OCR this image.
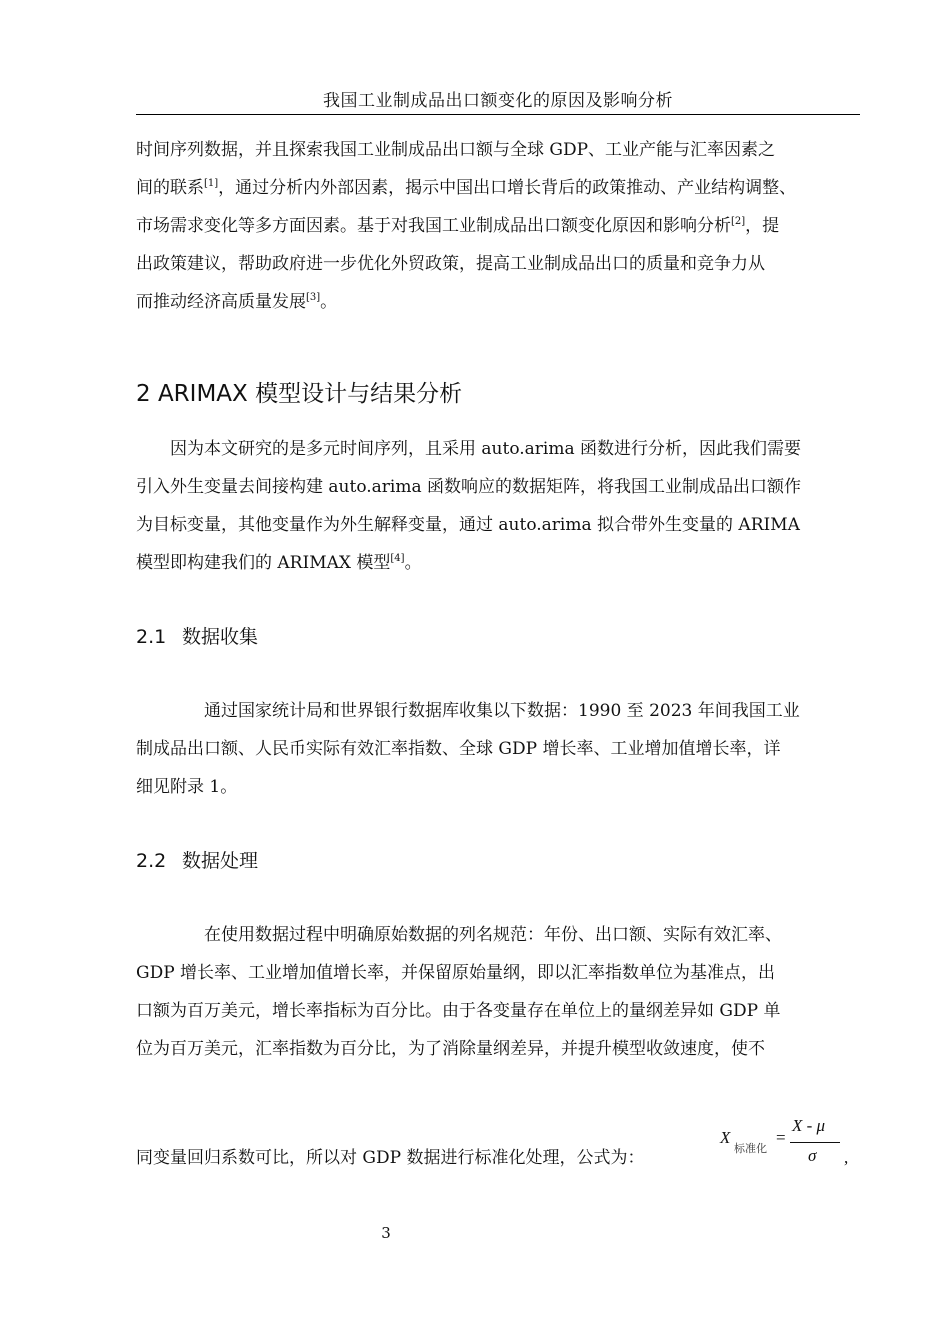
我国工业制成品出口额变化的原因及影响分析
时间序列数据，并且探索我国工业制成品出口额与全球 GDP、工业产能与汇率因素之
间的联系[1]，通过分析内外部因素，揭示中国出口增长背后的政策推动、产业结构调整、
市场需求变化等多方面因素。基于对我国工业制成品出口额变化原因和影响分析[2]，提
出政策建议，帮助政府进一步优化外贸政策，提高工业制成品出口的质量和竞争力从
而推动经济高质量发展[3]。
2 ARIMAX 模型设计与结果分析
因为本文研究的是多元时间序列，且采用 auto.arima 函数进行分析，因此我们需要
引入外生变量去间接构建 auto.arima 函数响应的数据矩阵，将我国工业制成品出口额作
为目标变量，其他变量作为外生解释变量，通过 auto.arima 拟合带外生变量的 ARIMA
模型即构建我们的 ARIMAX 模型[4]。
2.1 数据收集
通过国家统计局和世界银行数据库收集以下数据：1990 至 2023 年间我国工业
制成品出口额、人民币实际有效汇率指数、全球 GDP 增长率、工业增加值增长率，详
细见附录 1。
2.2 数据处理
在使用数据过程中明确原始数据的列名规范：年份、出口额、实际有效汇率、
GDP 增长率、工业增加值增长率，并保留原始量纲，即以汇率指数单位为基准点，出
口额为百万美元，增长率指标为百分比。由于各变量存在单位上的量纲差异如 GDP 单
位为百万美元，汇率指数为百分比，为了消除量纲差异，并提升模型收敛速度，使不
同变量回归系数可比，所以对 GDP 数据进行标准化处理，公式为：
X
标准化
=
X - μ
σ ,
3
